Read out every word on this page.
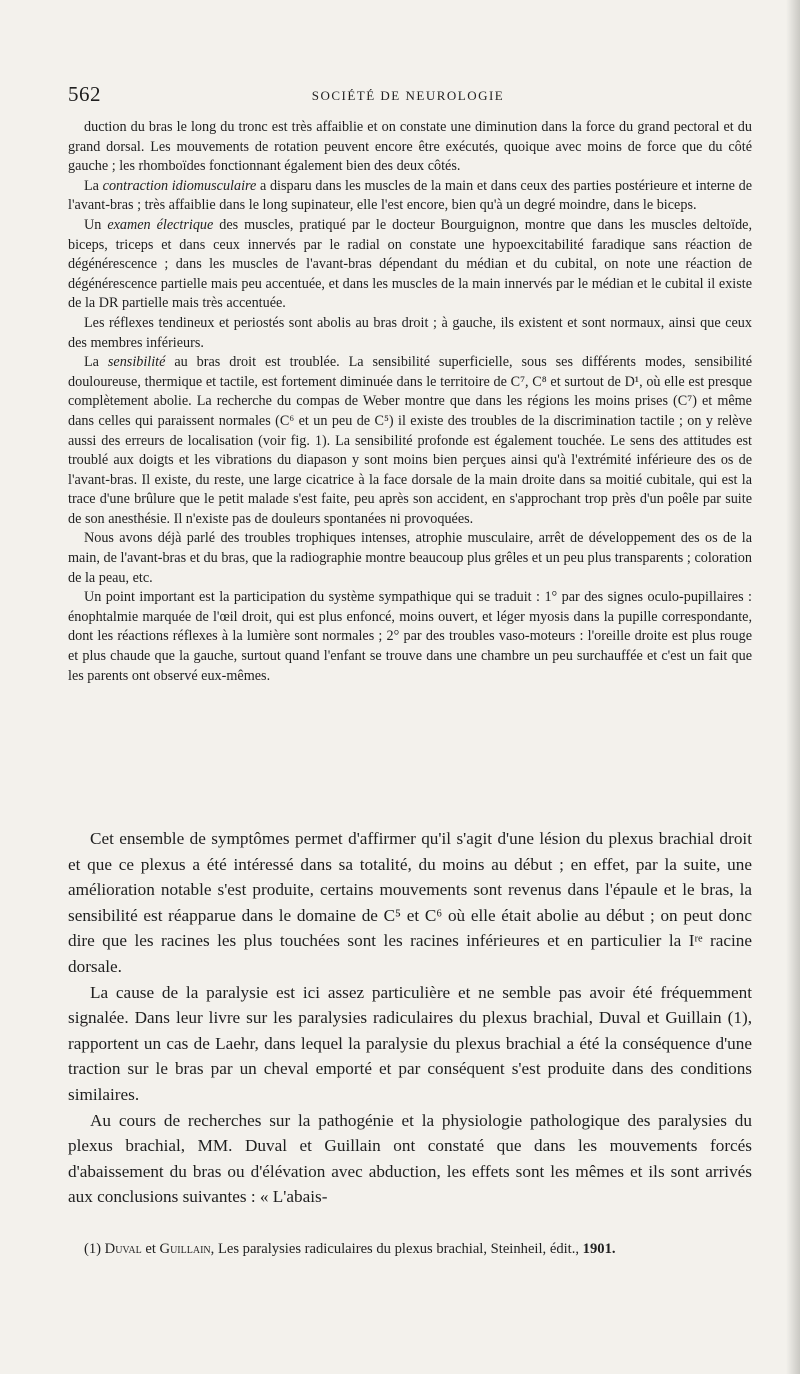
562	SOCIÉTÉ DE NEUROLOGIE

duction du bras le long du tronc est très affaiblie et on constate une diminution dans la force du grand pectoral et du grand dorsal. Les mouvements de rotation peuvent encore être exécutés, quoique avec moins de force que du côté gauche ; les rhomboïdes fonctionnant également bien des deux côtés.

La contraction idiomusculaire a disparu dans les muscles de la main et dans ceux des parties postérieure et interne de l'avant-bras ; très affaiblie dans le long supinateur, elle l'est encore, bien qu'à un degré moindre, dans le biceps.

Un examen électrique des muscles, pratiqué par le docteur Bourguignon, montre que dans les muscles deltoïde, biceps, triceps et dans ceux innervés par le radial on constate une hypoexcitabilité faradique sans réaction de dégénérescence ; dans les muscles de l'avant-bras dépendant du médian et du cubital, on note une réaction de dégénérescence partielle mais peu accentuée, et dans les muscles de la main innervés par le médian et le cubital il existe de la DR partielle mais très accentuée.

Les réflexes tendineux et periostés sont abolis au bras droit ; à gauche, ils existent et sont normaux, ainsi que ceux des membres inférieurs.

La sensibilité au bras droit est troublée. La sensibilité superficielle, sous ses différents modes, sensibilité douloureuse, thermique et tactile, est fortement diminuée dans le territoire de C⁷, C⁸ et surtout de D¹, où elle est presque complètement abolie. La recherche du compas de Weber montre que dans les régions les moins prises (C⁷) et même dans celles qui paraissent normales (C⁶ et un peu de C⁵) il existe des troubles de la discrimination tactile ; on y relève aussi des erreurs de localisation (voir fig. 1). La sensibilité profonde est également touchée. Le sens des attitudes est troublé aux doigts et les vibrations du diapason y sont moins bien perçues ainsi qu'à l'extrémité inférieure des os de l'avant-bras. Il existe, du reste, une large cicatrice à la face dorsale de la main droite dans sa moitié cubitale, qui est la trace d'une brûlure que le petit malade s'est faite, peu après son accident, en s'approchant trop près d'un poêle par suite de son anesthésie. Il n'existe pas de douleurs spontanées ni provoquées.

Nous avons déjà parlé des troubles trophiques intenses, atrophie musculaire, arrêt de développement des os de la main, de l'avant-bras et du bras, que la radiographie montre beaucoup plus grêles et un peu plus transparents ; coloration de la peau, etc.

Un point important est la participation du système sympathique qui se traduit : 1° par des signes oculo-pupillaires : énophtalmie marquée de l'œil droit, qui est plus enfoncé, moins ouvert, et léger myosis dans la pupille correspondante, dont les réactions réflexes à la lumière sont normales ; 2° par des troubles vaso-moteurs : l'oreille droite est plus rouge et plus chaude que la gauche, surtout quand l'enfant se trouve dans une chambre un peu surchauffée et c'est un fait que les parents ont observé eux-mêmes.

Cet ensemble de symptômes permet d'affirmer qu'il s'agit d'une lésion du plexus brachial droit et que ce plexus a été intéressé dans sa totalité, du moins au début ; en effet, par la suite, une amélioration notable s'est produite, certains mouvements sont revenus dans l'épaule et le bras, la sensibilité est réapparue dans le domaine de C⁵ et C⁶ où elle était abolie au début ; on peut donc dire que les racines les plus touchées sont les racines inférieures et en particulier la Iʳᵉ racine dorsale.

La cause de la paralysie est ici assez particulière et ne semble pas avoir été fréquemment signalée. Dans leur livre sur les paralysies radiculaires du plexus brachial, Duval et Guillain (1), rapportent un cas de Laehr, dans lequel la paralysie du plexus brachial a été la conséquence d'une traction sur le bras par un cheval emporté et par conséquent s'est produite dans des conditions similaires.

Au cours de recherches sur la pathogénie et la physiologie pathologique des paralysies du plexus brachial, MM. Duval et Guillain ont constaté que dans les mouvements forcés d'abaissement du bras ou d'élévation avec abduction, les effets sont les mêmes et ils sont arrivés aux conclusions suivantes : « L'abais-

(1) Duval et Guillain, Les paralysies radiculaires du plexus brachial, Steinheil, édit., 1901.
